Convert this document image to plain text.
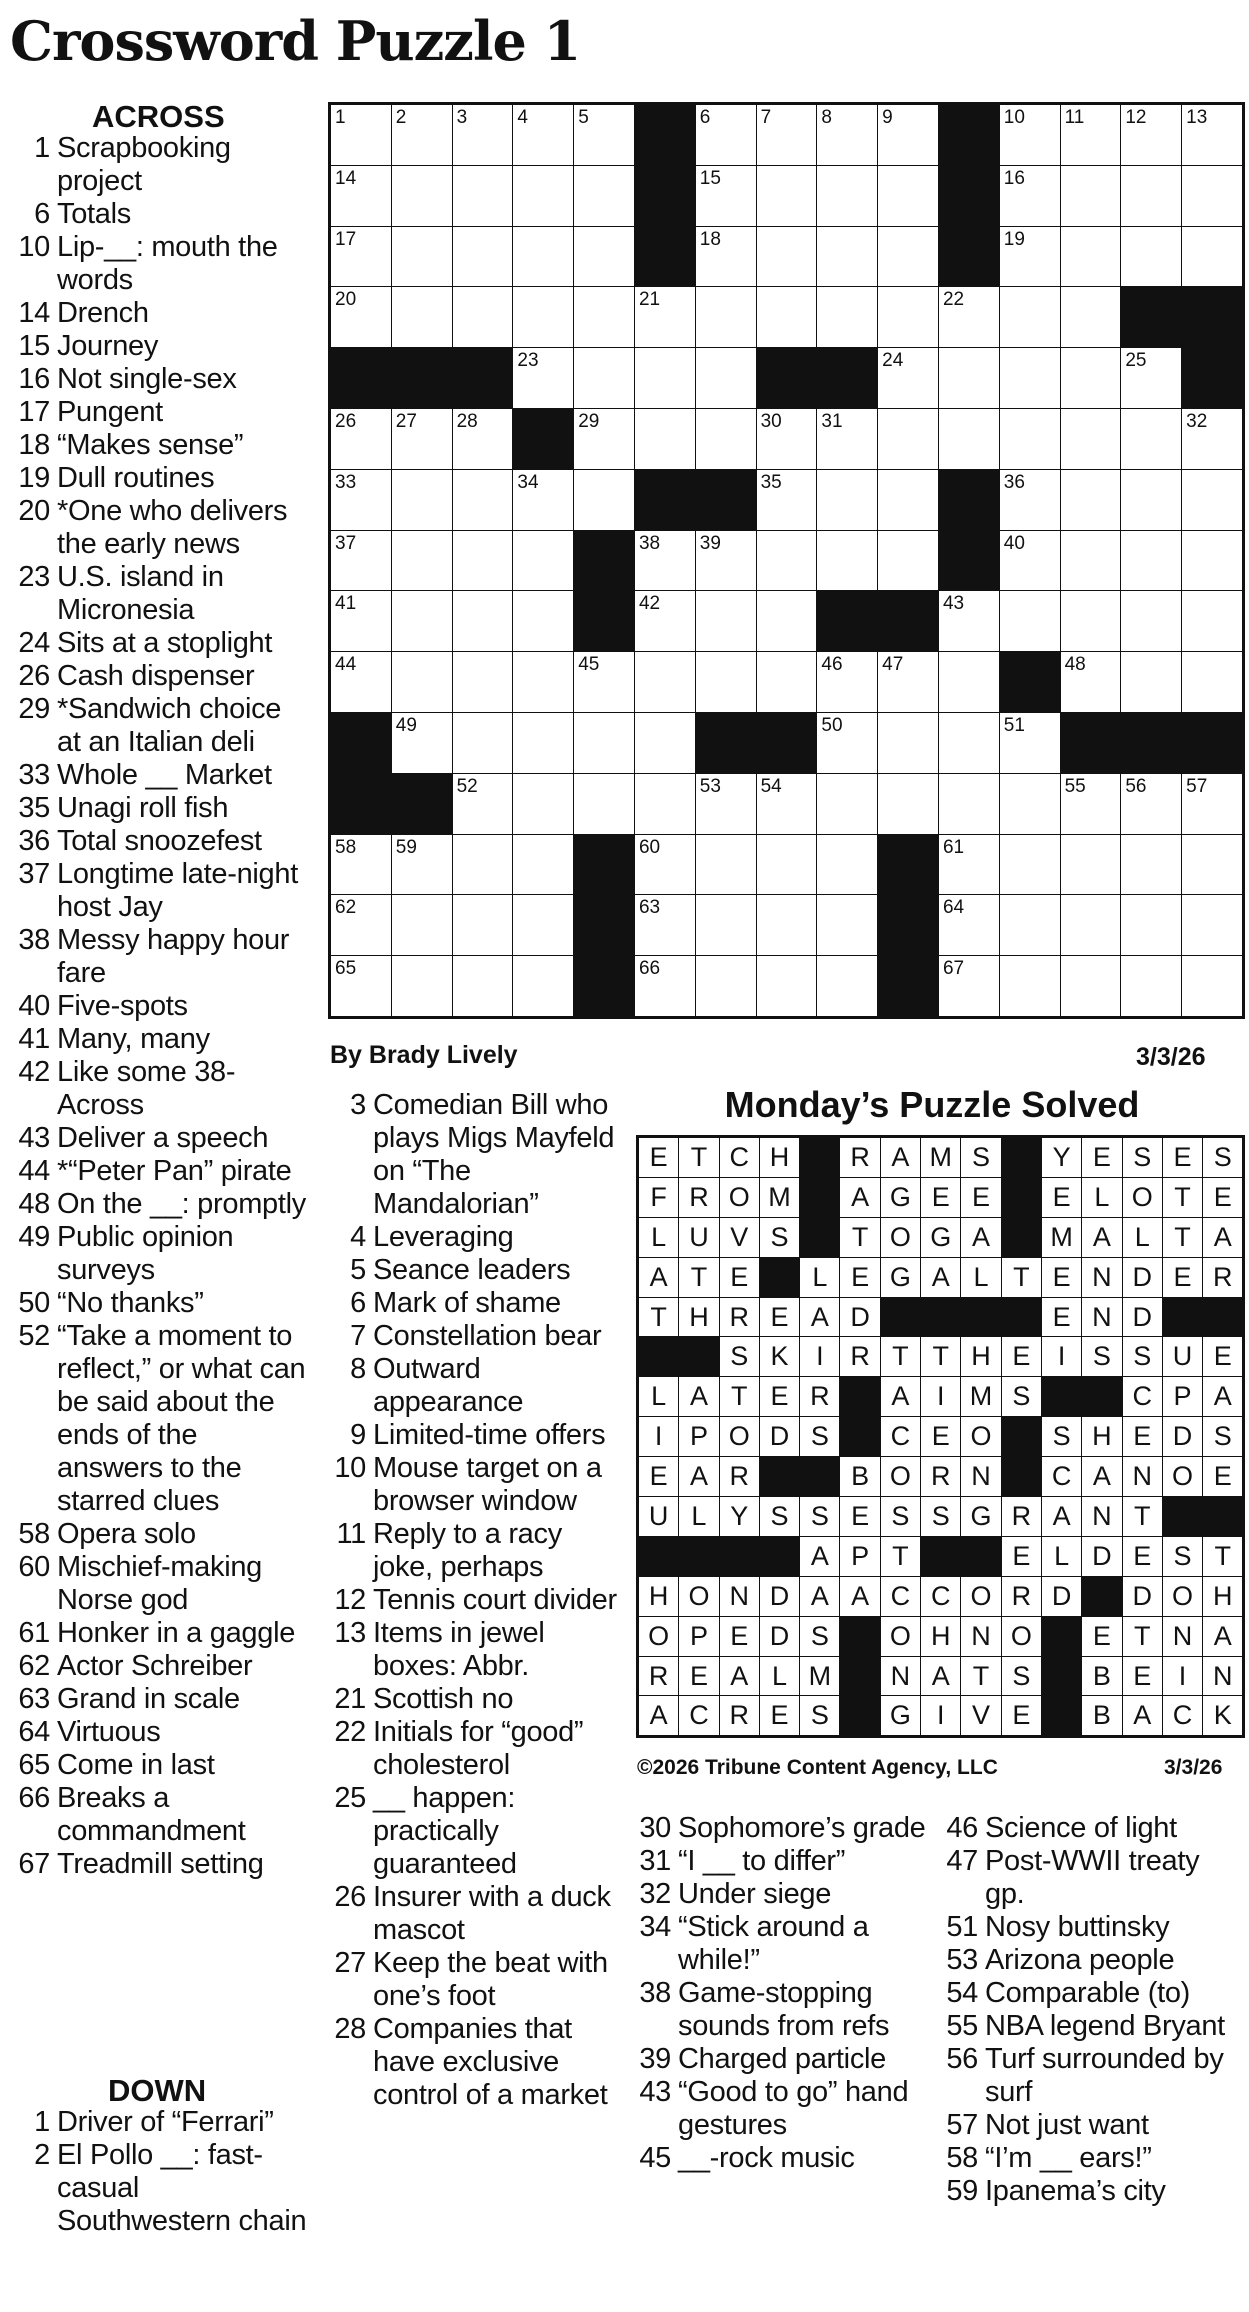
Crossword Puzzle 1
ACROSS
1 Scrapbooking project
6 Totals
10 Lip-__: mouth the words
14 Drench
15 Journey
16 Not single-sex
17 Pungent
18 “Makes sense”
19 Dull routines
20 *One who delivers the early news
23 U.S. island in Micronesia
24 Sits at a stoplight
26 Cash dispenser
29 *Sandwich choice at an Italian deli
33 Whole __ Market
35 Unagi roll fish
36 Total snoozefest
37 Longtime late-night host Jay
38 Messy happy hour fare
40 Five-spots
41 Many, many
42 Like some 38-Across
43 Deliver a speech
44 *“Peter Pan” pirate
48 On the __: promptly
49 Public opinion surveys
50 “No thanks”
52 “Take a moment to reflect,” or what can be said about the ends of the answers to the starred clues
58 Opera solo
60 Mischief-making Norse god
61 Honker in a gaggle
62 Actor Schreiber
63 Grand in scale
64 Virtuous
65 Come in last
66 Breaks a commandment
67 Treadmill setting
DOWN
1 Driver of “Ferrari”
2 El Pollo __: fast-casual Southwestern chain
1	2	3	4	5		6	7	8	9		10	11	12	13

14						15					16			

17						18					19			

20					21					22				

			23						24				25	

26	27	28		29			30	31						32

33			34				35				36			

37					38	39					40			

41					42					43				

44				45				46	47			48		

	49							50			51			

		52				53	54					55	56	57

58	59				60					61				

62					63					64				

65					66					67				

By Brady Lively	3/3/26
3 Comedian Bill who plays Migs Mayfeld on “The Mandalorian”
4 Leveraging
5 Seance leaders
6 Mark of shame
7 Constellation bear
8 Outward appearance
9 Limited-time offers
10 Mouse target on a browser window
11 Reply to a racy joke, perhaps
12 Tennis court divider
13 Items in jewel boxes: Abbr.
21 Scottish no
22 Initials for “good” cholesterol
25 __ happen: practically guaranteed
26 Insurer with a duck mascot
27 Keep the beat with one’s foot
28 Companies that have exclusive control of a market
Monday’s Puzzle Solved
E	T	C	H		R	A	M	S		Y	E	S	E	S
F	R	O	M		A	G	E	E		E	L	O	T	E
L	U	V	S		T	O	G	A		M	A	L	T	A
A	T	E		L	E	G	A	L	T	E	N	D	E	R
T	H	R	E	A	D					E	N	D		
		S	K	I	R	T	T	H	E	I	S	S	U	E
L	A	T	E	R		A	I	M	S			C	P	A
I	P	O	D	S		C	E	O		S	H	E	D	S
E	A	R			B	O	R	N		C	A	N	O	E
U	L	Y	S	S	E	S	S	G	R	A	N	T		
				A	P	T			E	L	D	E	S	T
H	O	N	D	A	A	C	C	O	R	D		D	O	H
O	P	E	D	S		O	H	N	O		E	T	N	A
R	E	A	L	M		N	A	T	S		B	E	I	N
A	C	R	E	S		G	I	V	E		B	A	C	K
©2026 Tribune Content Agency, LLC	3/3/26
30 Sophomore’s grade
31 “I __ to differ”
32 Under siege
34 “Stick around a while!”
38 Game-stopping sounds from refs
39 Charged particle
43 “Good to go” hand gestures
45 __-rock music
46 Science of light
47 Post-WWII treaty gp.
51 Nosy buttinsky
53 Arizona people
54 Comparable (to)
55 NBA legend Bryant
56 Turf surrounded by surf
57 Not just want
58 “I’m __ ears!”
59 Ipanema’s city
